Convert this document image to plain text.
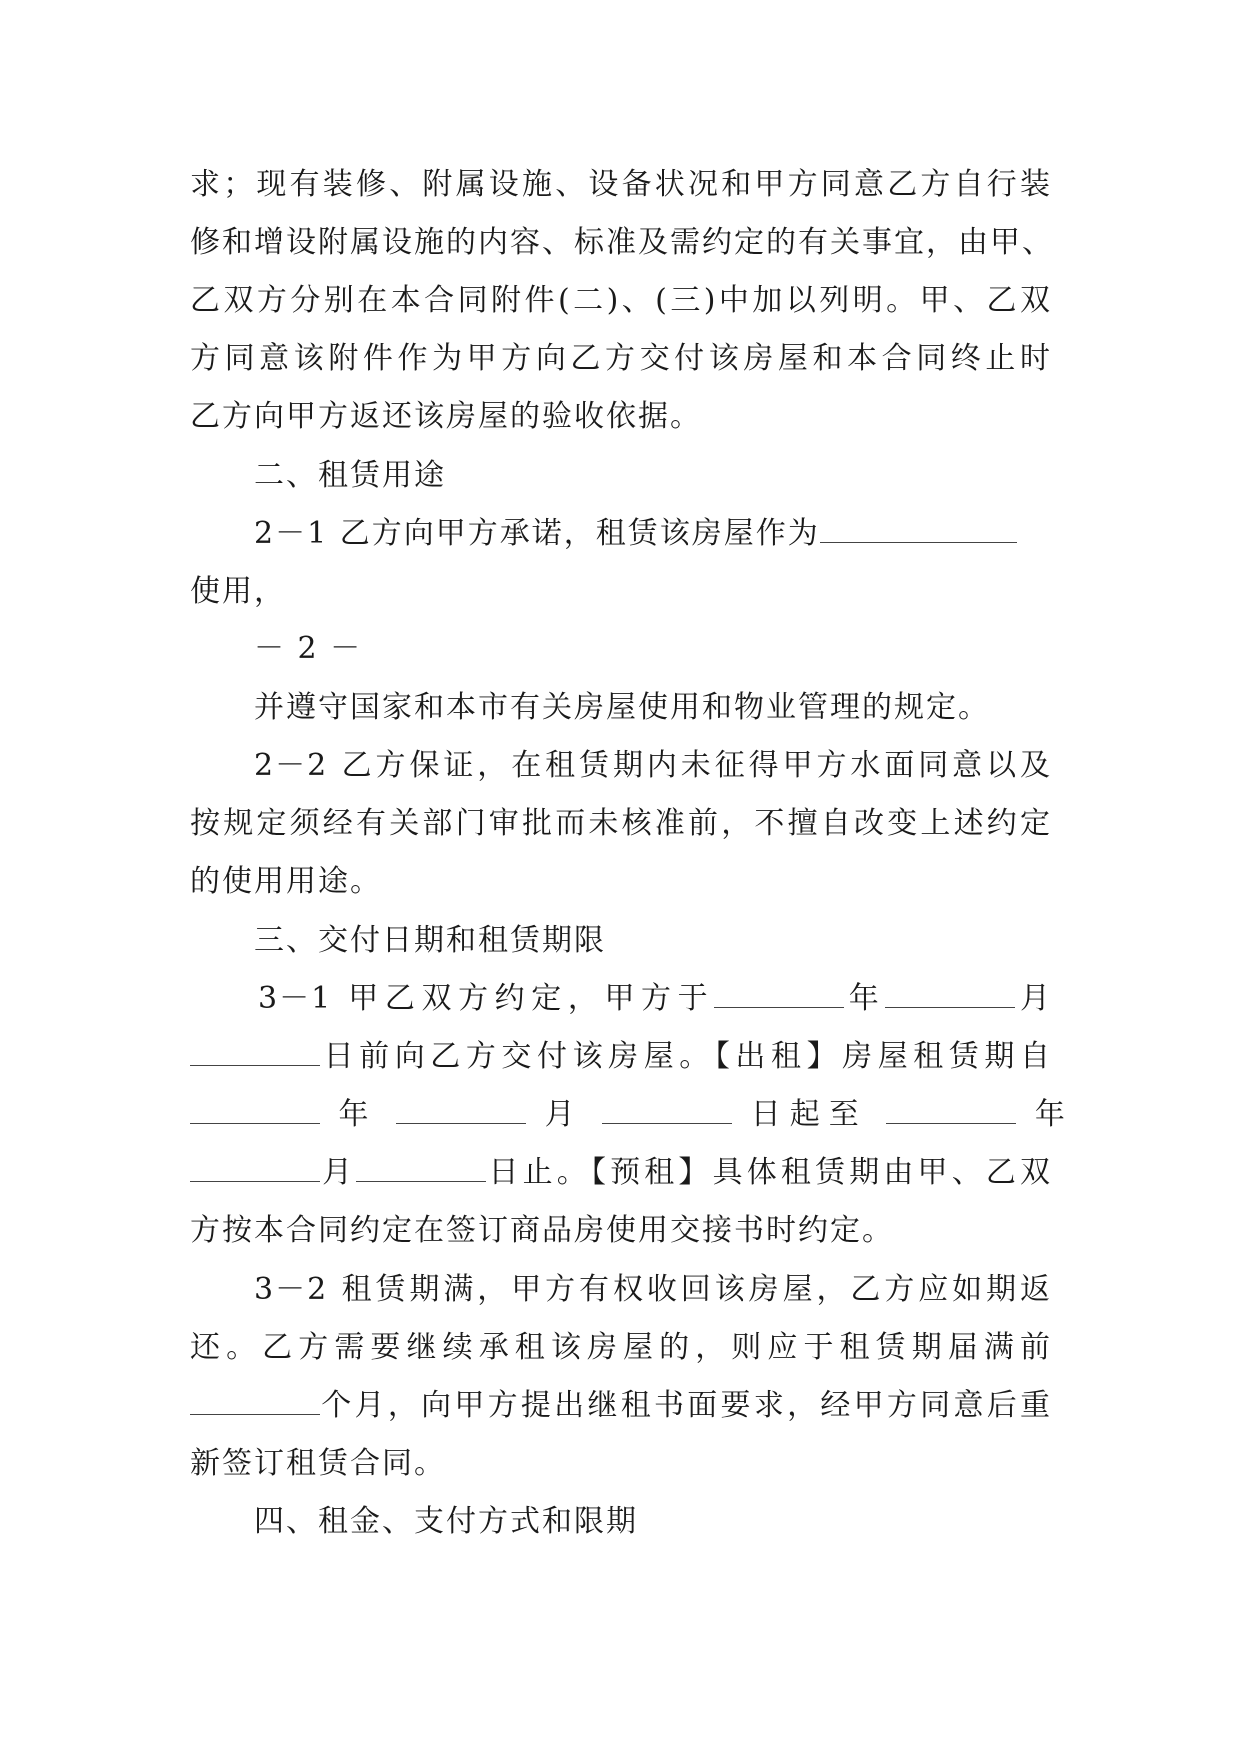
求；现有装修、附属设施、设备状况和甲方同意乙方自行装
修和增设附属设施的内容、标准及需约定的有关事宜，由甲、
乙双方分别在本合同附件(二)、(三)中加以列明。甲、乙双
方同意该附件作为甲方向乙方交付该房屋和本合同终止时
乙方向甲方返还该房屋的验收依据。
二、租赁用途
2－1 乙方向甲方承诺，租赁该房屋作为
使用，
－ 2 －
并遵守国家和本市有关房屋使用和物业管理的规定。
2－2 乙方保证，在租赁期内未征得甲方水面同意以及
按规定须经有关部门审批而未核准前，不擅自改变上述约定
的使用用途。
三、交付日期和租赁期限
3－1 甲乙双方约定，甲方于	年	月
日前向乙方交付该房屋。【出租】房屋租赁期自
年	月	日起至	年
月	日止。【预租】具体租赁期由甲、乙双
方按本合同约定在签订商品房使用交接书时约定。
3－2 租赁期满，甲方有权收回该房屋，乙方应如期返
还。乙方需要继续承租该房屋的，则应于租赁期届满前
个月，向甲方提出继租书面要求，经甲方同意后重
新签订租赁合同。
四、租金、支付方式和限期
